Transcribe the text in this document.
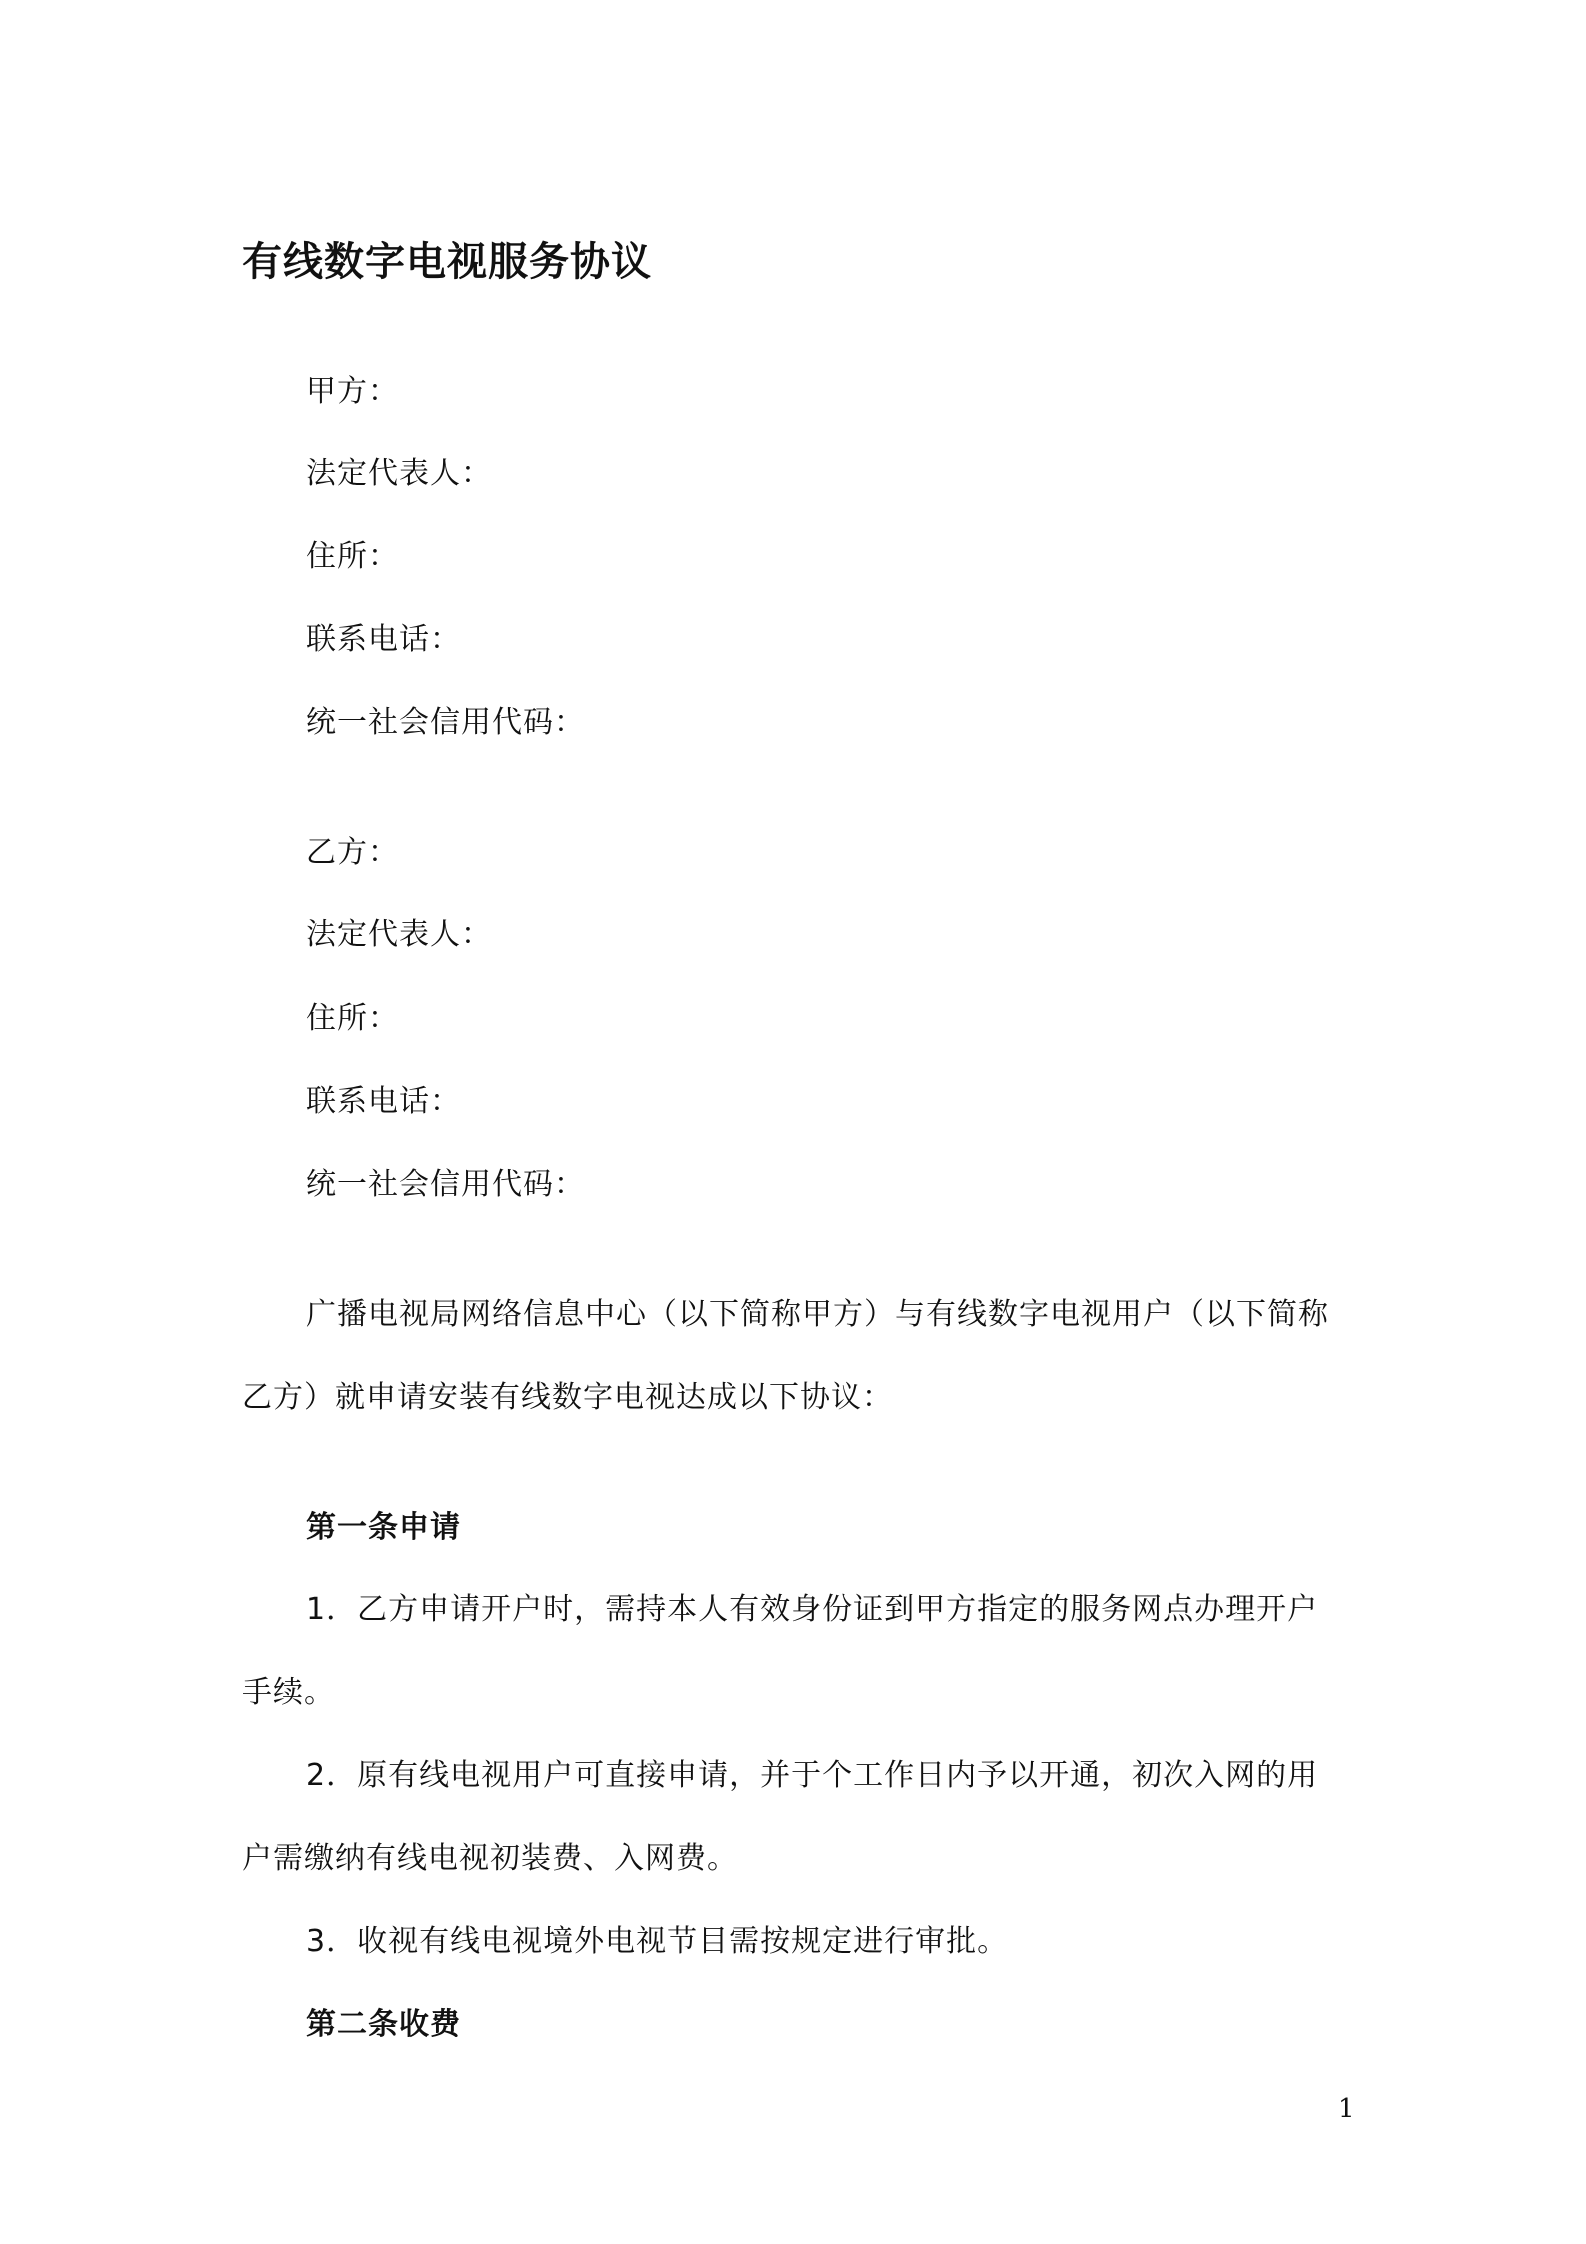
有线数字电视服务协议
甲方：
法定代表人：
住所：
联系电话：
统一社会信用代码：
乙方：
法定代表人：
住所：
联系电话：
统一社会信用代码：
广播电视局网络信息中心（以下简称甲方）与有线数字电视用户（以下简称
乙方）就申请安装有线数字电视达成以下协议：
第一条申请
1．乙方申请开户时，需持本人有效身份证到甲方指定的服务网点办理开户
手续。
2．原有线电视用户可直接申请，并于个工作日内予以开通，初次入网的用
户需缴纳有线电视初装费、入网费。
3．收视有线电视境外电视节目需按规定进行审批。
第二条收费
1
